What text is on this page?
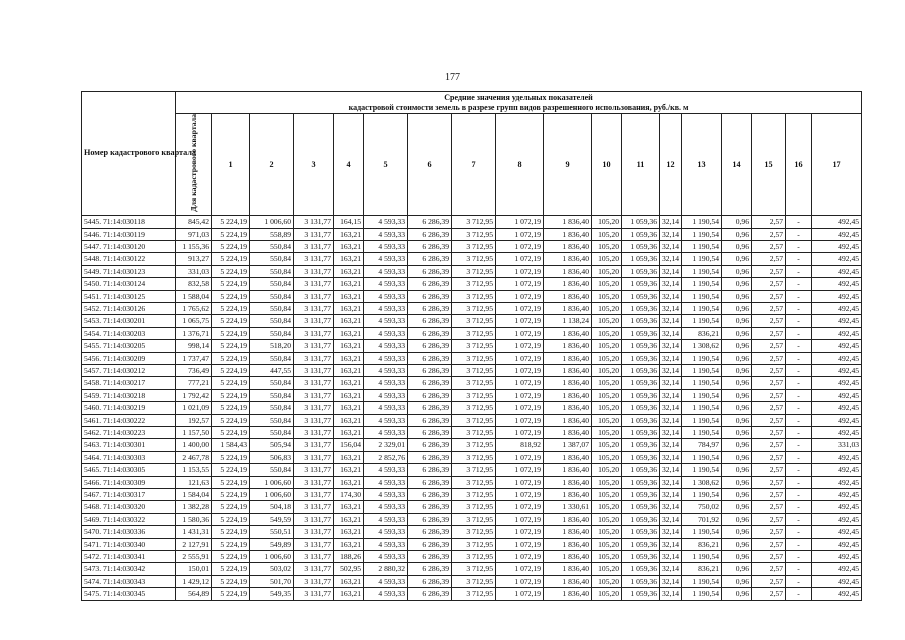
177
Номер кадастрового квартала	Средние значения удельных показателей
кадастровой стоимости земель в разрезе групп видов разрешенного использования, руб./кв. м																	

	Для кадастрового квартала	1	2	3	4	5	6	7	8	9	10	11	12	13	14	15	16	17
5445. 71:14:030118	845,42	5 224,19	1 006,60	3 131,77	164,15	4 593,33	6 286,39	3 712,95	1 072,19	1 836,40	105,20	1 059,36	32,14	1 190,54	0,96	2,57	-	492,45
5446. 71:14:030119	971,03	5 224,19	558,89	3 131,77	163,21	4 593,33	6 286,39	3 712,95	1 072,19	1 836,40	105,20	1 059,36	32,14	1 190,54	0,96	2,57	-	492,45
5447. 71:14:030120	1 155,36	5 224,19	550,84	3 131,77	163,21	4 593,33	6 286,39	3 712,95	1 072,19	1 836,40	105,20	1 059,36	32,14	1 190,54	0,96	2,57	-	492,45
5448. 71:14:030122	913,27	5 224,19	550,84	3 131,77	163,21	4 593,33	6 286,39	3 712,95	1 072,19	1 836,40	105,20	1 059,36	32,14	1 190,54	0,96	2,57	-	492,45
5449. 71:14:030123	331,03	5 224,19	550,84	3 131,77	163,21	4 593,33	6 286,39	3 712,95	1 072,19	1 836,40	105,20	1 059,36	32,14	1 190,54	0,96	2,57	-	492,45
5450. 71:14:030124	832,58	5 224,19	550,84	3 131,77	163,21	4 593,33	6 286,39	3 712,95	1 072,19	1 836,40	105,20	1 059,36	32,14	1 190,54	0,96	2,57	-	492,45
5451. 71:14:030125	1 588,04	5 224,19	550,84	3 131,77	163,21	4 593,33	6 286,39	3 712,95	1 072,19	1 836,40	105,20	1 059,36	32,14	1 190,54	0,96	2,57	-	492,45
5452. 71:14:030126	1 765,62	5 224,19	550,84	3 131,77	163,21	4 593,33	6 286,39	3 712,95	1 072,19	1 836,40	105,20	1 059,36	32,14	1 190,54	0,96	2,57	-	492,45
5453. 71:14:030201	1 065,75	5 224,19	550,84	3 131,77	163,21	4 593,33	6 286,39	3 712,95	1 072,19	1 138,24	105,20	1 059,36	32,14	1 190,54	0,96	2,57	-	492,45
5454. 71:14:030203	1 376,71	5 224,19	550,84	3 131,77	163,21	4 593,33	6 286,39	3 712,95	1 072,19	1 836,40	105,20	1 059,36	32,14	836,21	0,96	2,57	-	492,45
5455. 71:14:030205	998,14	5 224,19	518,20	3 131,77	163,21	4 593,33	6 286,39	3 712,95	1 072,19	1 836,40	105,20	1 059,36	32,14	1 308,62	0,96	2,57	-	492,45
5456. 71:14:030209	1 737,47	5 224,19	550,84	3 131,77	163,21	4 593,33	6 286,39	3 712,95	1 072,19	1 836,40	105,20	1 059,36	32,14	1 190,54	0,96	2,57	-	492,45
5457. 71:14:030212	736,49	5 224,19	447,55	3 131,77	163,21	4 593,33	6 286,39	3 712,95	1 072,19	1 836,40	105,20	1 059,36	32,14	1 190,54	0,96	2,57	-	492,45
5458. 71:14:030217	777,21	5 224,19	550,84	3 131,77	163,21	4 593,33	6 286,39	3 712,95	1 072,19	1 836,40	105,20	1 059,36	32,14	1 190,54	0,96	2,57	-	492,45
5459. 71:14:030218	1 792,42	5 224,19	550,84	3 131,77	163,21	4 593,33	6 286,39	3 712,95	1 072,19	1 836,40	105,20	1 059,36	32,14	1 190,54	0,96	2,57	-	492,45
5460. 71:14:030219	1 021,09	5 224,19	550,84	3 131,77	163,21	4 593,33	6 286,39	3 712,95	1 072,19	1 836,40	105,20	1 059,36	32,14	1 190,54	0,96	2,57	-	492,45
5461. 71:14:030222	192,57	5 224,19	550,84	3 131,77	163,21	4 593,33	6 286,39	3 712,95	1 072,19	1 836,40	105,20	1 059,36	32,14	1 190,54	0,96	2,57	-	492,45
5462. 71:14:030223	1 157,50	5 224,19	550,84	3 131,77	163,21	4 593,33	6 286,39	3 712,95	1 072,19	1 836,40	105,20	1 059,36	32,14	1 190,54	0,96	2,57	-	492,45
5463. 71:14:030301	1 400,00	1 584,43	505,94	3 131,77	156,04	2 329,01	6 286,39	3 712,95	818,92	1 387,07	105,20	1 059,36	32,14	784,97	0,96	2,57	-	331,03
5464. 71:14:030303	2 467,78	5 224,19	506,83	3 131,77	163,21	2 852,76	6 286,39	3 712,95	1 072,19	1 836,40	105,20	1 059,36	32,14	1 190,54	0,96	2,57	-	492,45
5465. 71:14:030305	1 153,55	5 224,19	550,84	3 131,77	163,21	4 593,33	6 286,39	3 712,95	1 072,19	1 836,40	105,20	1 059,36	32,14	1 190,54	0,96	2,57	-	492,45
5466. 71:14:030309	121,63	5 224,19	1 006,60	3 131,77	163,21	4 593,33	6 286,39	3 712,95	1 072,19	1 836,40	105,20	1 059,36	32,14	1 308,62	0,96	2,57	-	492,45
5467. 71:14:030317	1 584,04	5 224,19	1 006,60	3 131,77	174,30	4 593,33	6 286,39	3 712,95	1 072,19	1 836,40	105,20	1 059,36	32,14	1 190,54	0,96	2,57	-	492,45
5468. 71:14:030320	1 382,28	5 224,19	504,18	3 131,77	163,21	4 593,33	6 286,39	3 712,95	1 072,19	1 330,61	105,20	1 059,36	32,14	750,02	0,96	2,57	-	492,45
5469. 71:14:030322	1 580,36	5 224,19	549,59	3 131,77	163,21	4 593,33	6 286,39	3 712,95	1 072,19	1 836,40	105,20	1 059,36	32,14	701,92	0,96	2,57	-	492,45
5470. 71:14:030336	1 431,31	5 224,19	550,51	3 131,77	163,21	4 593,33	6 286,39	3 712,95	1 072,19	1 836,40	105,20	1 059,36	32,14	1 190,54	0,96	2,57	-	492,45
5471. 71:14:030340	2 127,91	5 224,19	549,89	3 131,77	163,21	4 593,33	6 286,39	3 712,95	1 072,19	1 836,40	105,20	1 059,36	32,14	836,21	0,96	2,57	-	492,45
5472. 71:14:030341	2 555,91	5 224,19	1 006,60	3 131,77	188,26	4 593,33	6 286,39	3 712,95	1 072,19	1 836,40	105,20	1 059,36	32,14	1 190,54	0,96	2,57	-	492,45
5473. 71:14:030342	150,01	5 224,19	503,02	3 131,77	502,95	2 880,32	6 286,39	3 712,95	1 072,19	1 836,40	105,20	1 059,36	32,14	836,21	0,96	2,57	-	492,45
5474. 71:14:030343	1 429,12	5 224,19	501,70	3 131,77	163,21	4 593,33	6 286,39	3 712,95	1 072,19	1 836,40	105,20	1 059,36	32,14	1 190,54	0,96	2,57	-	492,45
5475. 71:14:030345	564,89	5 224,19	549,35	3 131,77	163,21	4 593,33	6 286,39	3 712,95	1 072,19	1 836,40	105,20	1 059,36	32,14	1 190,54	0,96	2,57	-	492,45
